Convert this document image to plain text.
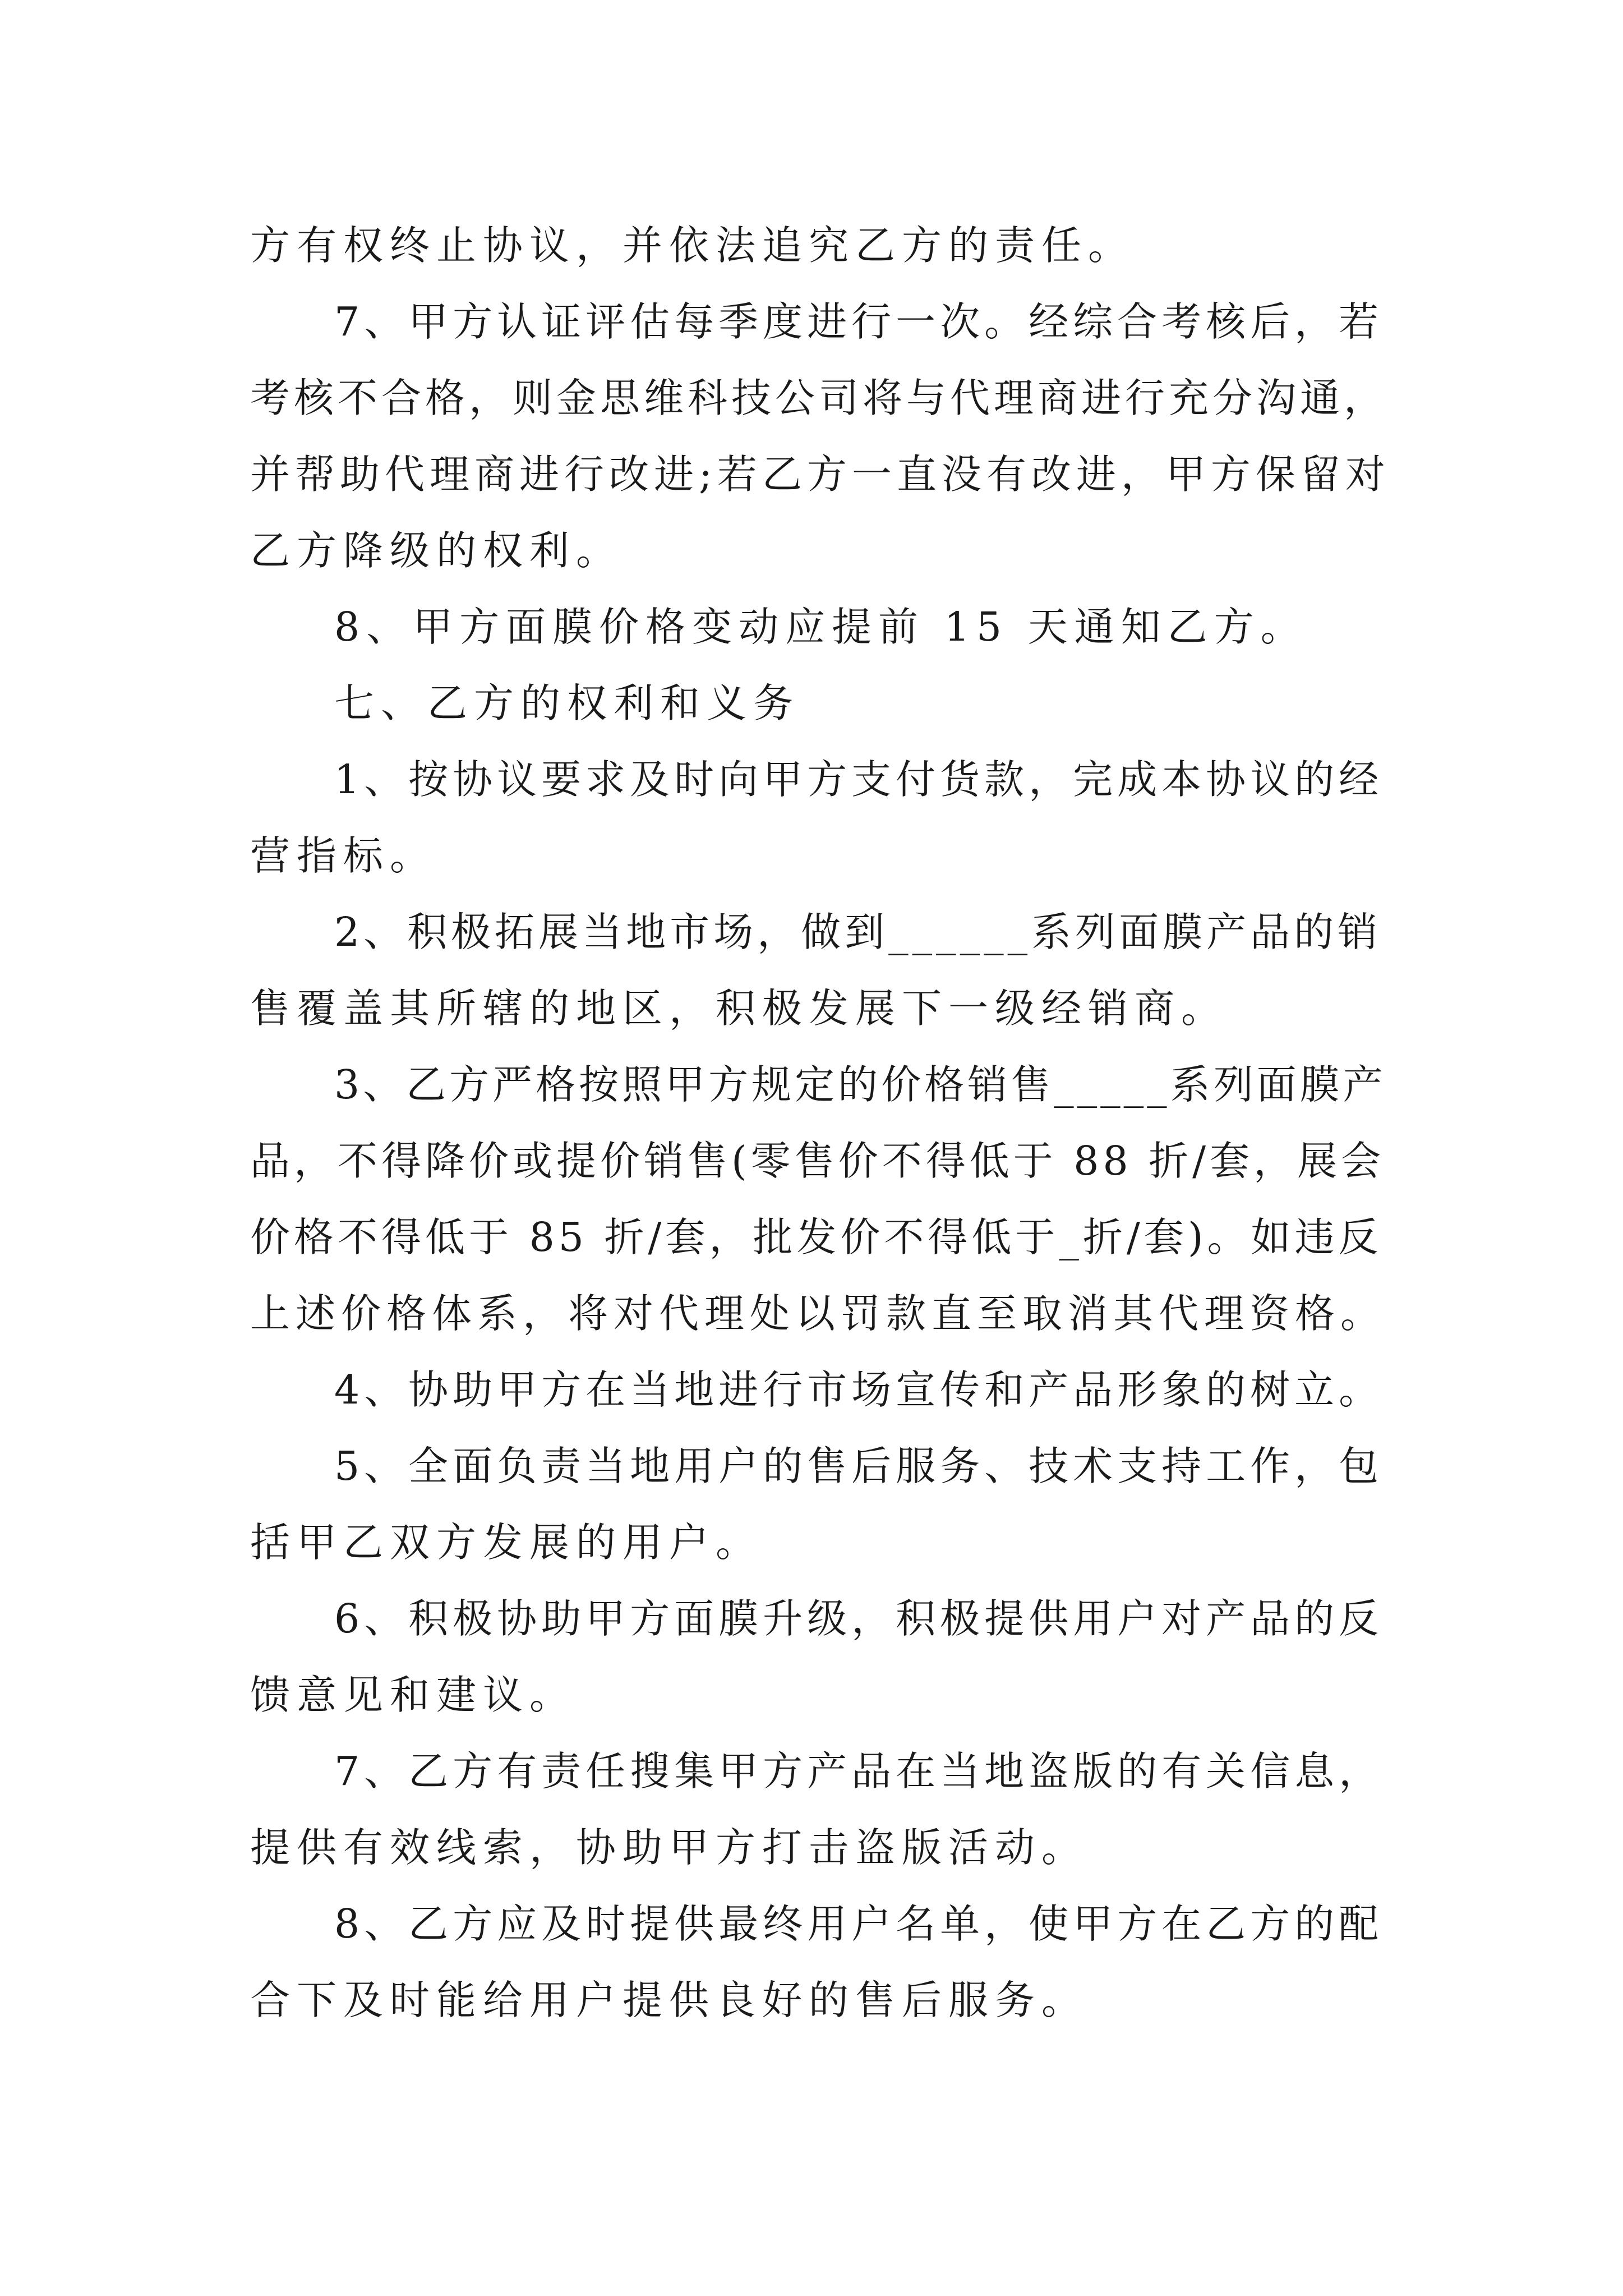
方有权终止协议，并依法追究乙方的责任。
7、甲方认证评估每季度进行一次。经综合考核后，若
考核不合格，则金思维科技公司将与代理商进行充分沟通，
并帮助代理商进行改进;若乙方一直没有改进，甲方保留对
乙方降级的权利。
8、甲方面膜价格变动应提前 15 天通知乙方。
七、乙方的权利和义务
1、按协议要求及时向甲方支付货款，完成本协议的经
营指标。
2、积极拓展当地市场，做到______系列面膜产品的销
售覆盖其所辖的地区，积极发展下一级经销商。
3、乙方严格按照甲方规定的价格销售_____系列面膜产
品，不得降价或提价销售(零售价不得低于 88 折/套，展会
价格不得低于 85 折/套，批发价不得低于_折/套)。如违反
上述价格体系，将对代理处以罚款直至取消其代理资格。
4、协助甲方在当地进行市场宣传和产品形象的树立。
5、全面负责当地用户的售后服务、技术支持工作，包
括甲乙双方发展的用户。
6、积极协助甲方面膜升级，积极提供用户对产品的反
馈意见和建议。
7、乙方有责任搜集甲方产品在当地盗版的有关信息，
提供有效线索，协助甲方打击盗版活动。
8、乙方应及时提供最终用户名单，使甲方在乙方的配
合下及时能给用户提供良好的售后服务。
